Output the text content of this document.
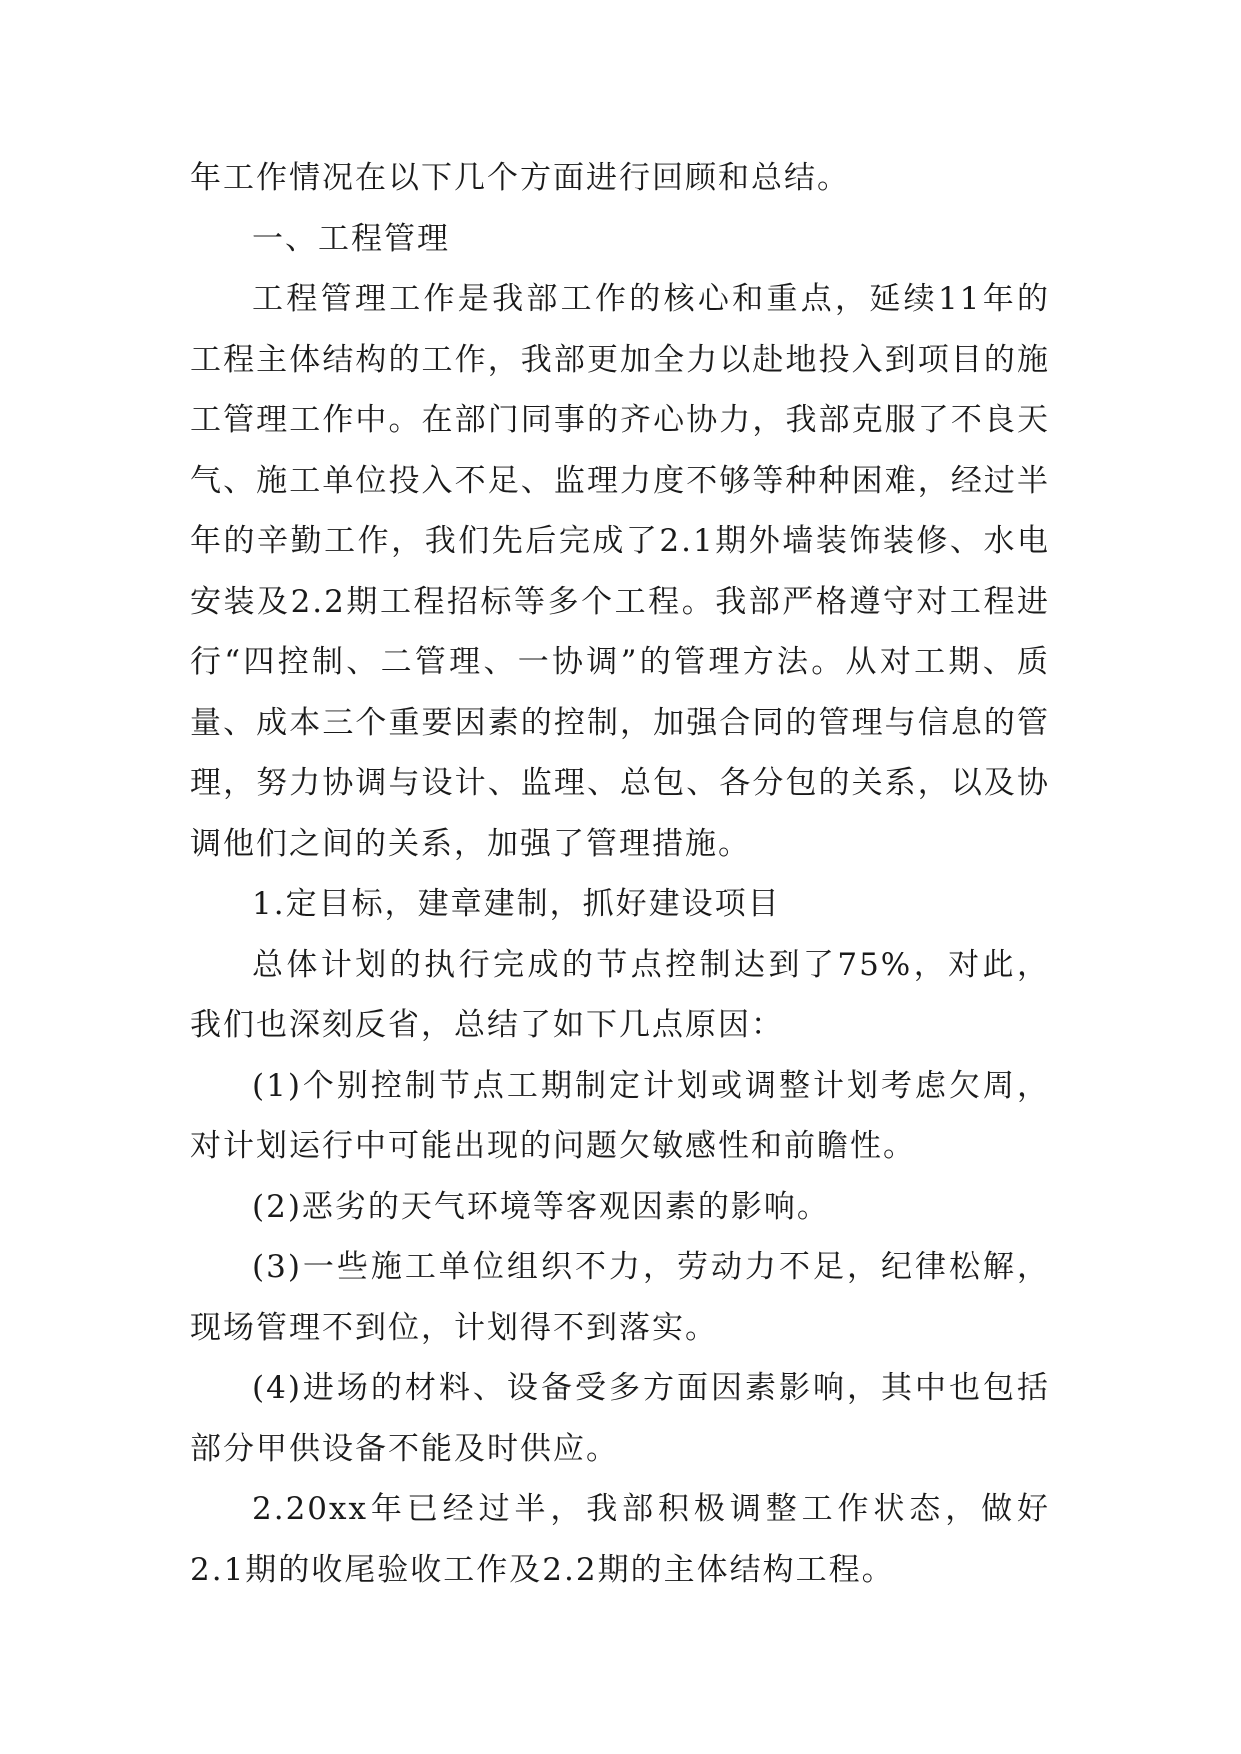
年工作情况在以下几个方面进行回顾和总结。

一、工程管理

工程管理工作是我部工作的核心和重点，延续11年的工程主体结构的工作，我部更加全力以赴地投入到项目的施工管理工作中。在部门同事的齐心协力，我部克服了不良天气、施工单位投入不足、监理力度不够等种种困难，经过半年的辛勤工作，我们先后完成了2.1期外墙装饰装修、水电安装及2.2期工程招标等多个工程。我部严格遵守对工程进行“四控制、二管理、一协调”的管理方法。从对工期、质量、成本三个重要因素的控制，加强合同的管理与信息的管理，努力协调与设计、监理、总包、各分包的关系，以及协调他们之间的关系，加强了管理措施。

1.定目标，建章建制，抓好建设项目

总体计划的执行完成的节点控制达到了75%，对此，我们也深刻反省，总结了如下几点原因：

(1)个别控制节点工期制定计划或调整计划考虑欠周，对计划运行中可能出现的问题欠敏感性和前瞻性。

(2)恶劣的天气环境等客观因素的影响。

(3)一些施工单位组织不力，劳动力不足，纪律松解，现场管理不到位，计划得不到落实。

(4)进场的材料、设备受多方面因素影响，其中也包括部分甲供设备不能及时供应。

2.20xx年已经过半，我部积极调整工作状态，做好2.1期的收尾验收工作及2.2期的主体结构工程。
